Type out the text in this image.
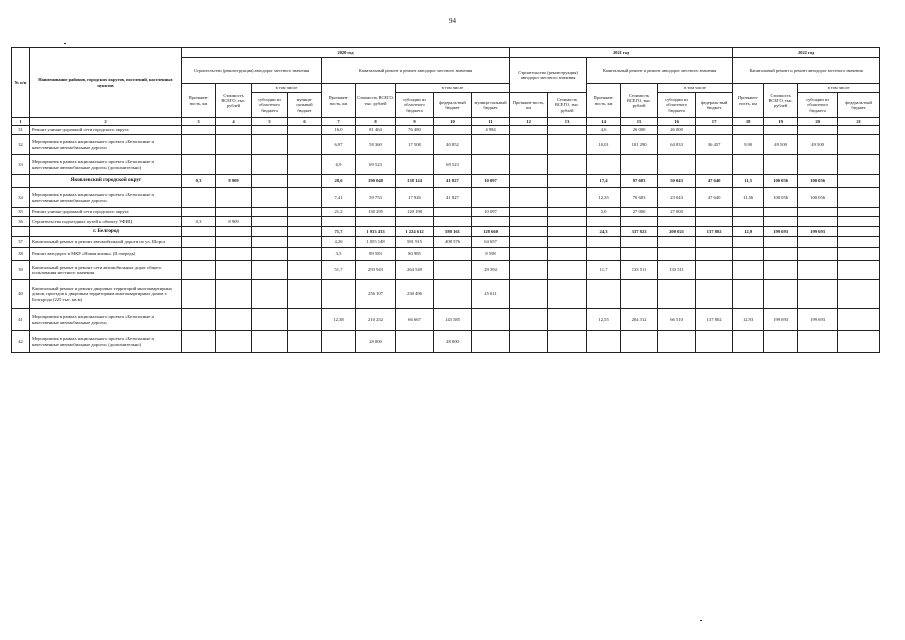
94
№ п/п	Наименование районов, городских округов, поселений, населенных пунктов	2020 год									2021 год						2022 год			
		Строительство (реконструкция) автодорог местного значения				Капитальный ремонт и ремонт автодорог местного значения					Строительство (реконструкция) автодорог местного значения		Капитальный ремонт и ремонт автодорог местного значения				Капитальный ремонт и ремонт автодорог местного значения			
		Протяжен-ность, км	Стоимость ВСЕГО, тыс. рублей	в том числе		Протяжен-ность, км	Стоимость ВСЕГО, тыс. рублей	в том числе					Протяжен-ность, км	Стоимость ВСЕГО, тыс. рублей	в том числе		Протяжен-ность, км	Стоимость ВСЕГО, тыс. рублей	в том числе	
				субсидии из областного бюджета	муници-пальный бюджет			субсидии из областного бюджета	федераль-ный бюджет	муници-пальный бюджет	Протяжен-ность, км	Стоимость ВСЕГО, тыс. рублей			субсидии из областного бюджета	федераль-ный бюджет			субсидии из областного бюджета	федераль-ный бюджет
1	2	3	4	5	6	7	8	9	10	11	12	13	14	15	16	17	18	19	20	21
31	Ремонт улично-дорожной сети городского округа					16,0	81 464	76 480		4 984			4,6	26 000	26 000					
32	Мероприятия в рамках национального проекта «Безопасные и качественные автомобильные дороги»					6,97	58 360	17 508	40 852				10,01	101 290	64 833	36 457	9,90	49 500	49 500	
33	Мероприятия в рамках национального проекта «Безопасные и качественные автомобильные дороги» (дополнительно)					6,9	69 523		69 523											
	Яковлевский городской округ	0,3	8 909			28,6	190 048	138 124	41 827	10 097			17,4	97 683	50 043	47 640	11,5	100 056	100 056	
34	Мероприятия в рамках национального проекта «Безопасные и качественные автомобильные дороги»					7,41	59 753	17 926	41 827				12,35	70 683	23 043	47 640	11,56	100 056	100 056	
35	Ремонт улично-дорожной сети городского округа					21,2	130 295	120 198		10 097			5,0	27 000	27 000					
36	Строительство подъездных путей к объекту УФИЦ	0,3	8 909																	
	г. Белгород					71,7	1 933 433	1 224 612	580 161	128 660			24,3	337 823	200 021	137 802	12,9	199 693	199 693	
37	Капитальный ремонт и ремонт автомобильной дороги по ул. Шорса					4,26	1 055 148	581 915	408 576	64 657										
38	Ремонт автодорог в МКР «Новая жизнь» (II очередь)					3,5	89 583	80 985		8 598										
39	Капитальный ремонт и ремонт сети автомобильных дорог общего пользования местного значения					51,7	293 943	264 549		29 394			11,7	133 511	133 511					
40	Капитальный ремонт и ремонт дворовых территорий многоквартирных домов, проездов к дворовым территориям многоквартирных домов г. Белгорода (225 тыс. кв.м)						256 107	230 496		25 611										
41	Мероприятия в рамках национального проекта «Безопасные и качественные автомобильные дороги»					12,38	210 252	66 667	143 585				12,55	204 312	66 510	137 802	12,93	199 693	199 693	
42	Мероприятия в рамках национального проекта «Безопасные и качественные автомобильные дороги» (дополнительно)						28 000		28 000											
